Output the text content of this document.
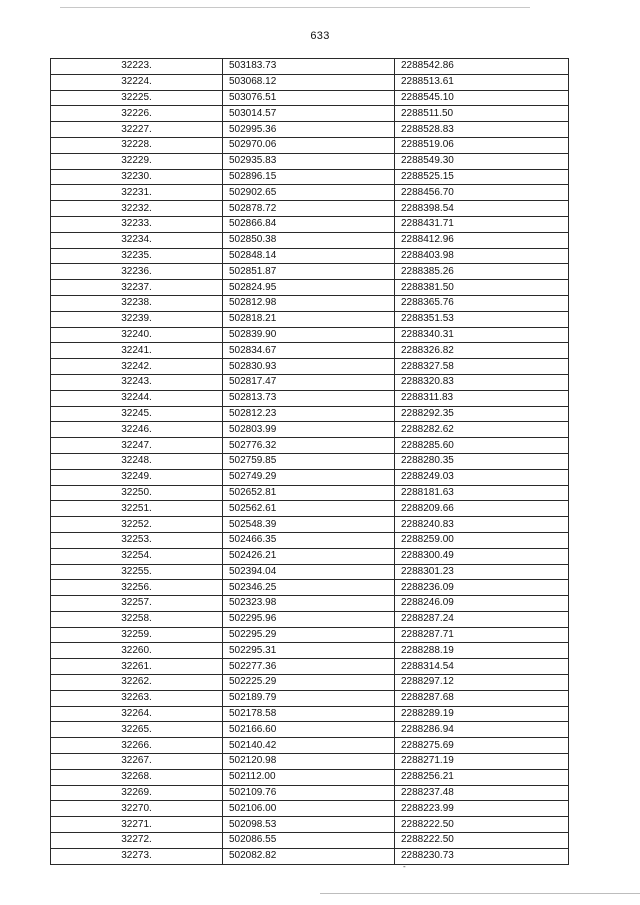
633
32223.	503183.73	2288542.86
32224.	503068.12	2288513.61
32225.	503076.51	2288545.10
32226.	503014.57	2288511.50
32227.	502995.36	2288528.83
32228.	502970.06	2288519.06
32229.	502935.83	2288549.30
32230.	502896.15	2288525.15
32231.	502902.65	2288456.70
32232.	502878.72	2288398.54
32233.	502866.84	2288431.71
32234.	502850.38	2288412.96
32235.	502848.14	2288403.98
32236.	502851.87	2288385.26
32237.	502824.95	2288381.50
32238.	502812.98	2288365.76
32239.	502818.21	2288351.53
32240.	502839.90	2288340.31
32241.	502834.67	2288326.82
32242.	502830.93	2288327.58
32243.	502817.47	2288320.83
32244.	502813.73	2288311.83
32245.	502812.23	2288292.35
32246.	502803.99	2288282.62
32247.	502776.32	2288285.60
32248.	502759.85	2288280.35
32249.	502749.29	2288249.03
32250.	502652.81	2288181.63
32251.	502562.61	2288209.66
32252.	502548.39	2288240.83
32253.	502466.35	2288259.00
32254.	502426.21	2288300.49
32255.	502394.04	2288301.23
32256.	502346.25	2288236.09
32257.	502323.98	2288246.09
32258.	502295.96	2288287.24
32259.	502295.29	2288287.71
32260.	502295.31	2288288.19
32261.	502277.36	2288314.54
32262.	502225.29	2288297.12
32263.	502189.79	2288287.68
32264.	502178.58	2288289.19
32265.	502166.60	2288286.94
32266.	502140.42	2288275.69
32267.	502120.98	2288271.19
32268.	502112.00	2288256.21
32269.	502109.76	2288237.48
32270.	502106.00	2288223.99
32271.	502098.53	2288222.50
32272.	502086.55	2288222.50
32273.	502082.82	2288230.73
-
